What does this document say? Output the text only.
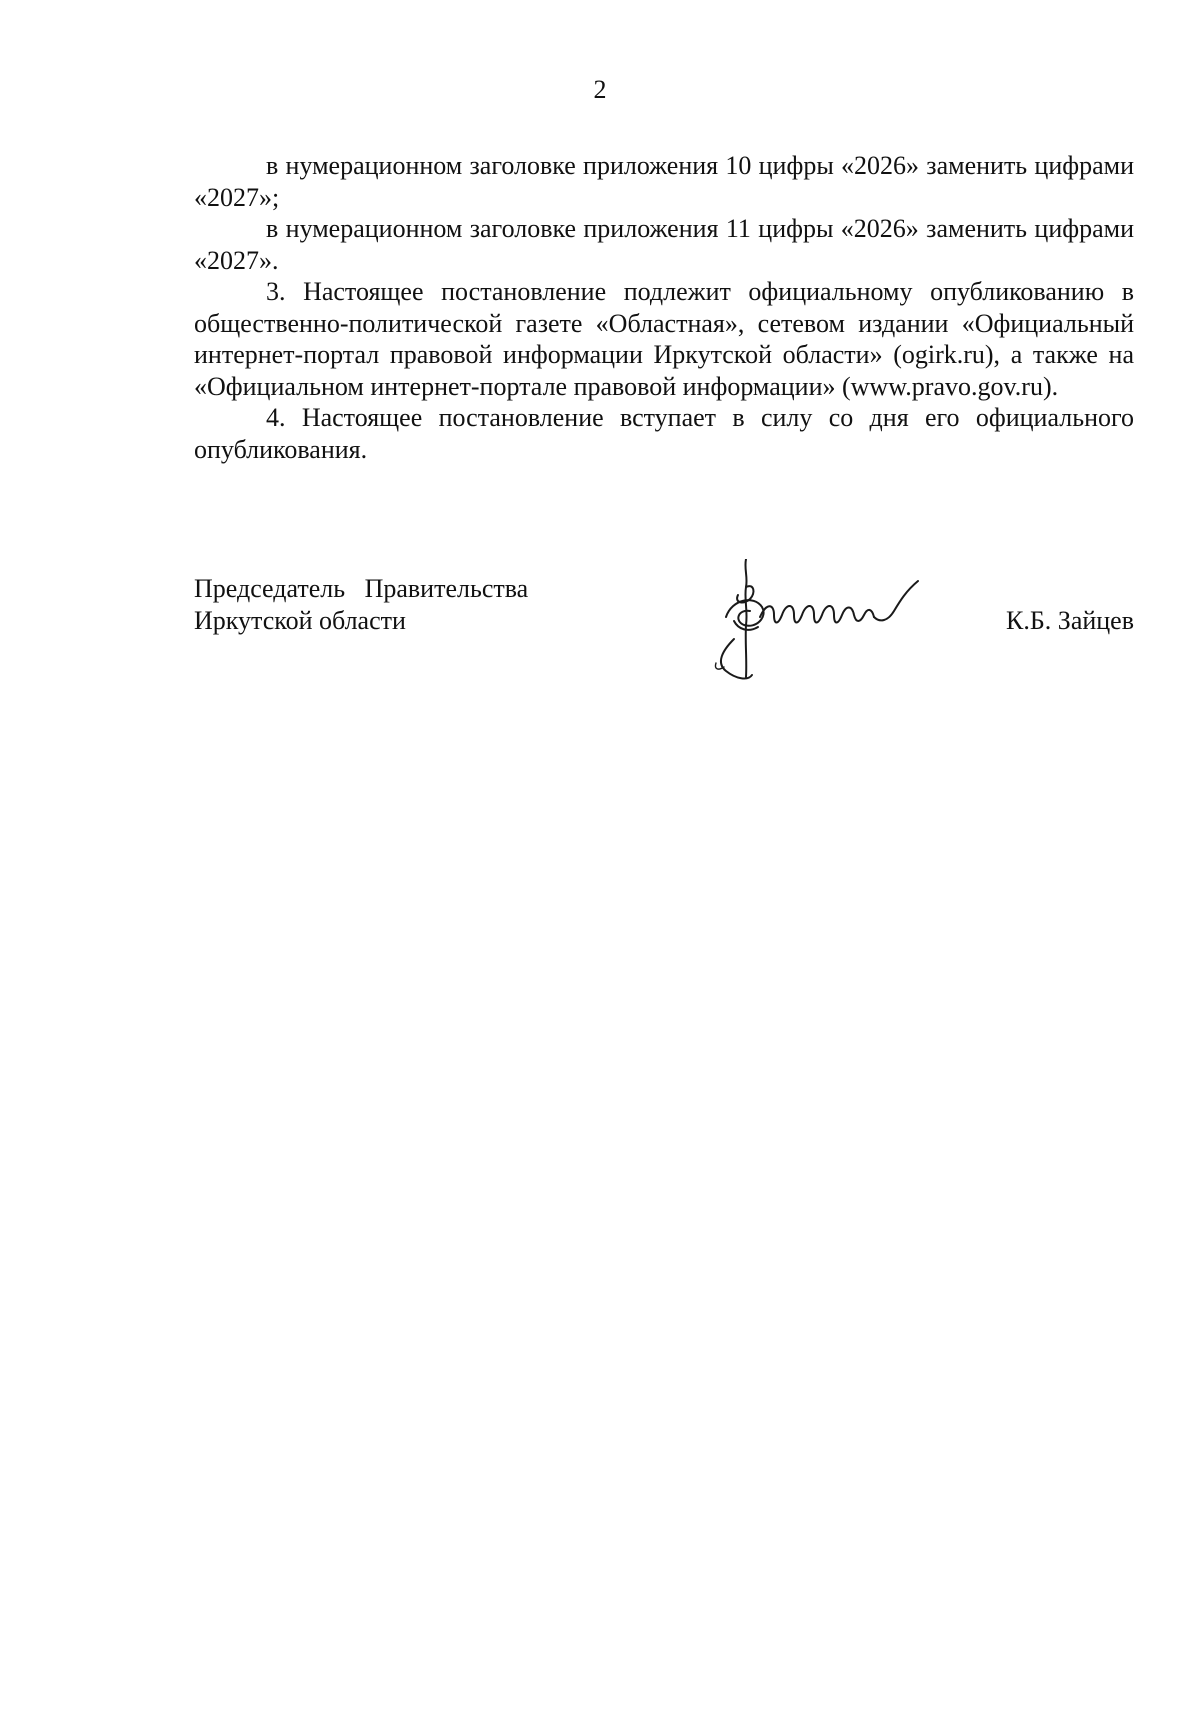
2

в нумерационном заголовке приложения 10 цифры «2026» заменить цифрами «2027»;

в нумерационном заголовке приложения 11 цифры «2026» заменить цифрами «2027».

3. Настоящее постановление подлежит официальному опубликованию в общественно-политической газете «Областная», сетевом издании «Официальный интернет-портал правовой информации Иркутской области» (ogirk.ru), а также на «Официальном интернет-портале правовой информации» (www.pravo.gov.ru).

4. Настоящее постановление вступает в силу со дня его официального опубликования.

Председатель   Правительства
Иркутской области	К.Б. Зайцев
